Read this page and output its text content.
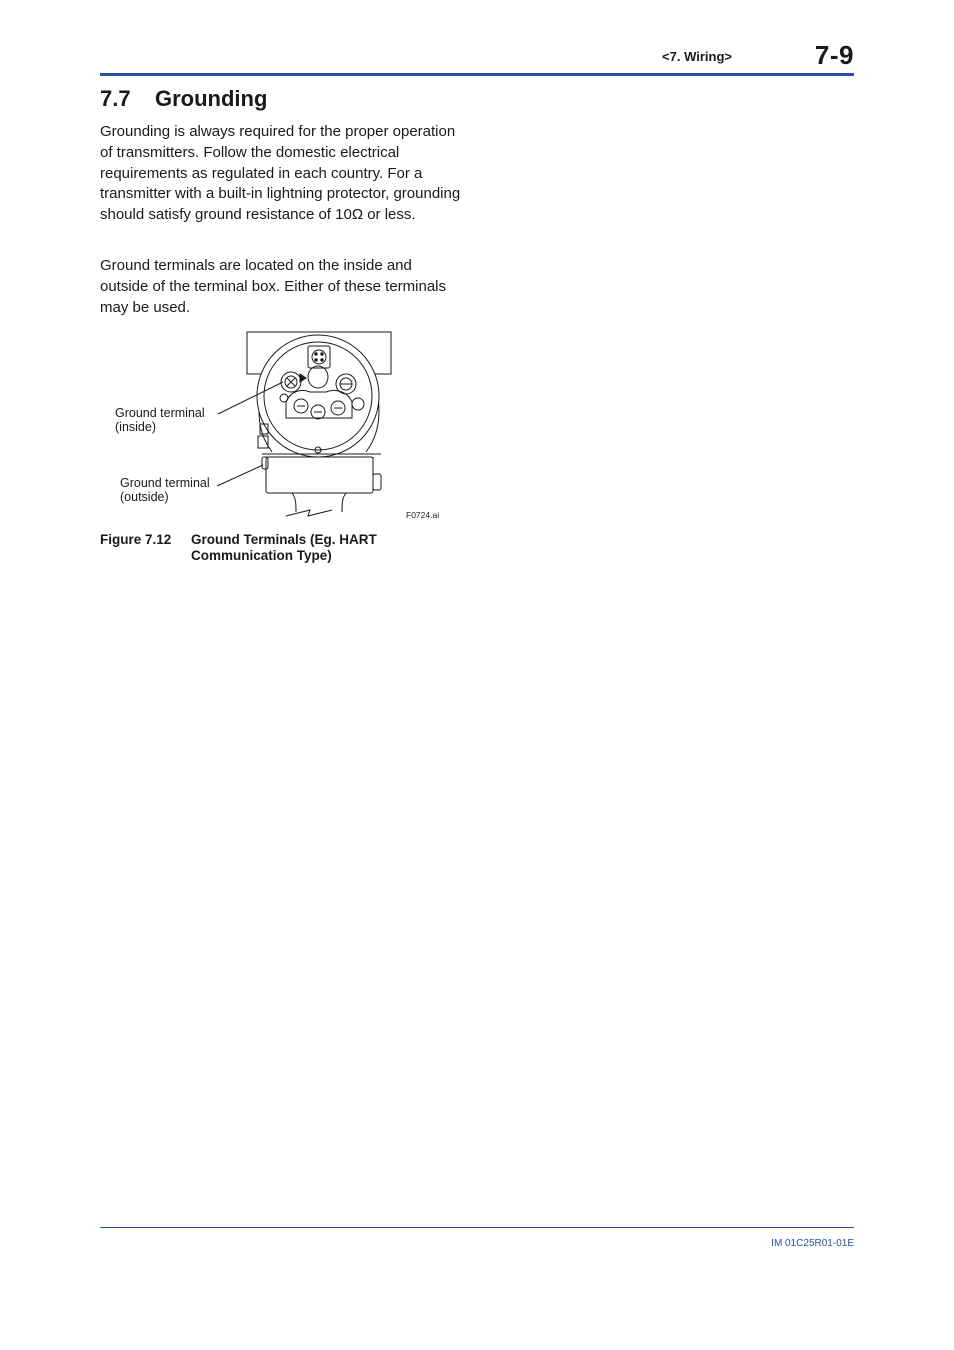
<7. Wiring>	7-9
7.7 Grounding

Grounding is always required for the proper operation of transmitters. Follow the domestic electrical requirements as regulated in each country. For a transmitter with a built-in lightning protector, grounding should satisfy ground resistance of 10Ω or less.

Ground terminals are located on the inside and outside of the terminal box. Either of these terminals may be used.

Ground terminal
(inside)
Ground terminal
(outside)
F0724.ai
Figure 7.12 Ground Terminals (Eg. HART Communication Type)
IM 01C25R01-01E
